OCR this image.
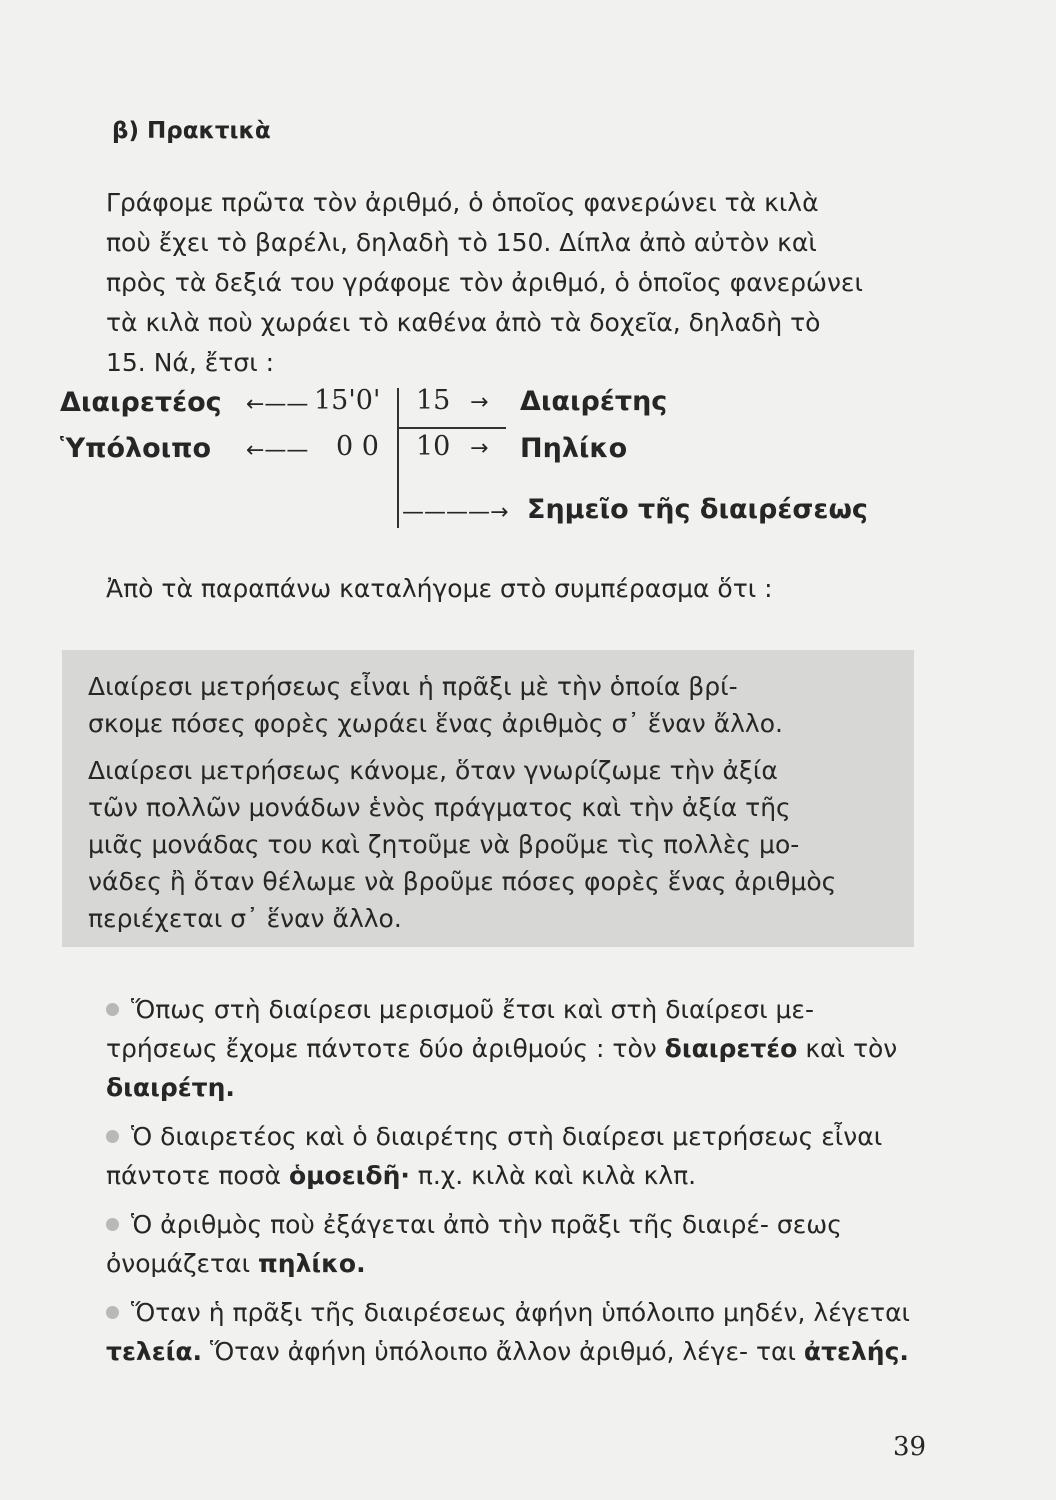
β) Πρακτικὰ
Γράφομε πρῶτα τὸν ἀριθμό, ὁ ὁποῖος φανερώνει τὰ κιλὰ
ποὺ ἔχει τὸ βαρέλι, δηλαδὴ τὸ 150. Δίπλα ἀπὸ αὐτὸν καὶ
πρὸς τὰ δεξιά του γράφομε τὸν ἀριθμό, ὁ ὁποῖος φανερώνει
τὰ κιλὰ ποὺ χωράει τὸ καθένα ἀπὸ τὰ δοχεῖα, δηλαδὴ τὸ
15. Νά, ἔτσι :
Διαιρετέος ←—— 15'0'
Ὑπόλοιπο ←—— 0 0
15 → Διαιρέτης
10 → Πηλίκο
————→ Σημεῖο τῆς διαιρέσεως
Ἀπὸ τὰ παραπάνω καταλήγομε στὸ συμπέρασμα ὅτι :
Διαίρεσι μετρήσεως εἶναι ἡ πρᾶξι μὲ τὴν ὁποία βρί-
σκομε πόσες φορὲς χωράει ἕνας ἀριθμὸς σ᾽ ἕναν ἄλλο.
Διαίρεσι μετρήσεως κάνομε, ὅταν γνωρίζωμε τὴν ἀξία
τῶν πολλῶν μονάδων ἑνὸς πράγματος καὶ τὴν ἀξία τῆς
μιᾶς μονάδας του καὶ ζητοῦμε νὰ βροῦμε τὶς πολλὲς μο-
νάδες ἢ ὅταν θέλωμε νὰ βροῦμε πόσες φορὲς ἕνας ἀριθμὸς
περιέχεται σ᾽ ἕναν ἄλλο.
Ὅπως στὴ διαίρεσι μερισμοῦ ἔτσι καὶ στὴ διαίρεσι με- τρήσεως ἔχομε πάντοτε δύο ἀριθμούς : τὸν διαιρετέο καὶ τὸν διαιρέτη.
Ὁ διαιρετέος καὶ ὁ διαιρέτης στὴ διαίρεσι μετρήσεως εἶναι πάντοτε ποσὰ ὁμοειδῆ· π.χ. κιλὰ καὶ κιλὰ κλπ.
Ὁ ἀριθμὸς ποὺ ἐξάγεται ἀπὸ τὴν πρᾶξι τῆς διαιρέ- σεως ὀνομάζεται πηλίκο.
Ὅταν ἡ πρᾶξι τῆς διαιρέσεως ἀφήνη ὑπόλοιπο μηδέν, λέγεται τελεία. Ὅταν ἀφήνη ὑπόλοιπο ἄλλον ἀριθμό, λέγε- ται ἀτελής.
39
